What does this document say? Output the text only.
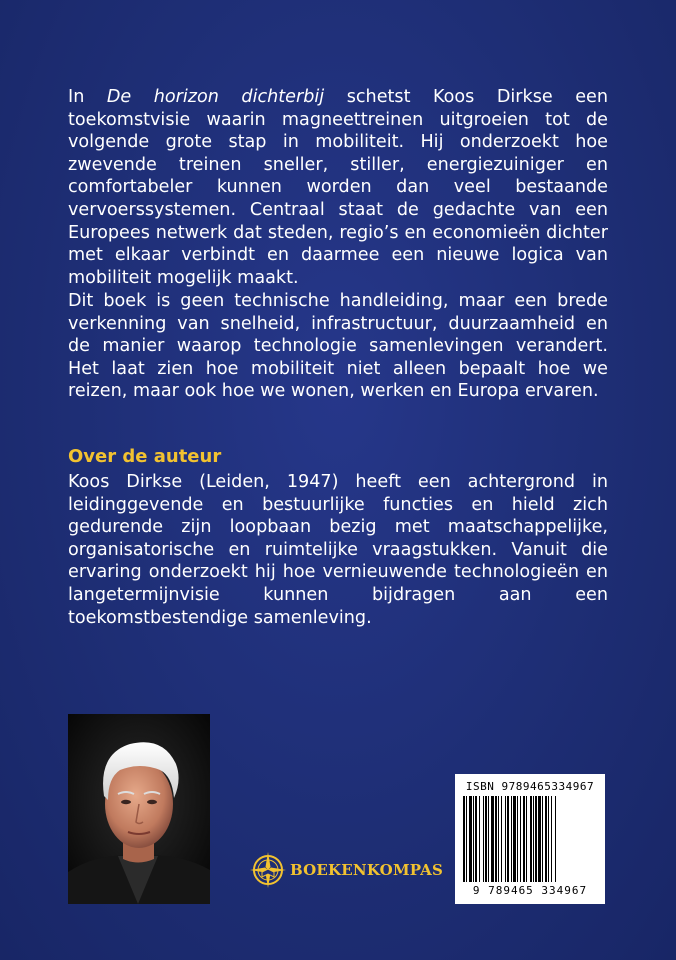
In De horizon dichterbij schetst Koos Dirkse een toekomstvisie waarin magneettreinen uitgroeien tot de volgende grote stap in mobiliteit. Hij onderzoekt hoe zwevende treinen sneller, stiller, energiezuiniger en comfortabeler kunnen worden dan veel bestaande vervoerssystemen. Centraal staat de gedachte van een Europees netwerk dat steden, regio’s en economieën dichter met elkaar verbindt en daarmee een nieuwe logica van mobiliteit mogelijk maakt.

Dit boek is geen technische handleiding, maar een brede verkenning van snelheid, infrastructuur, duurzaamheid en de manier waarop technologie samenlevingen verandert. Het laat zien hoe mobiliteit niet alleen bepaalt hoe we reizen, maar ook hoe we wonen, werken en Europa ervaren.

Over de auteur

Koos Dirkse (Leiden, 1947) heeft een achtergrond in leidinggevende en bestuurlijke functies en hield zich gedurende zijn loopbaan bezig met maatschappelijke, organisatorische en ruimtelijke vraagstukken. Vanuit die ervaring onderzoekt hij hoe vernieuwende technologieën en langetermijnvisie kunnen bijdragen aan een toekomstbestendige samenleving.

BOEKENKOMPAS
ISBN 9789465334967
9 789465 334967
